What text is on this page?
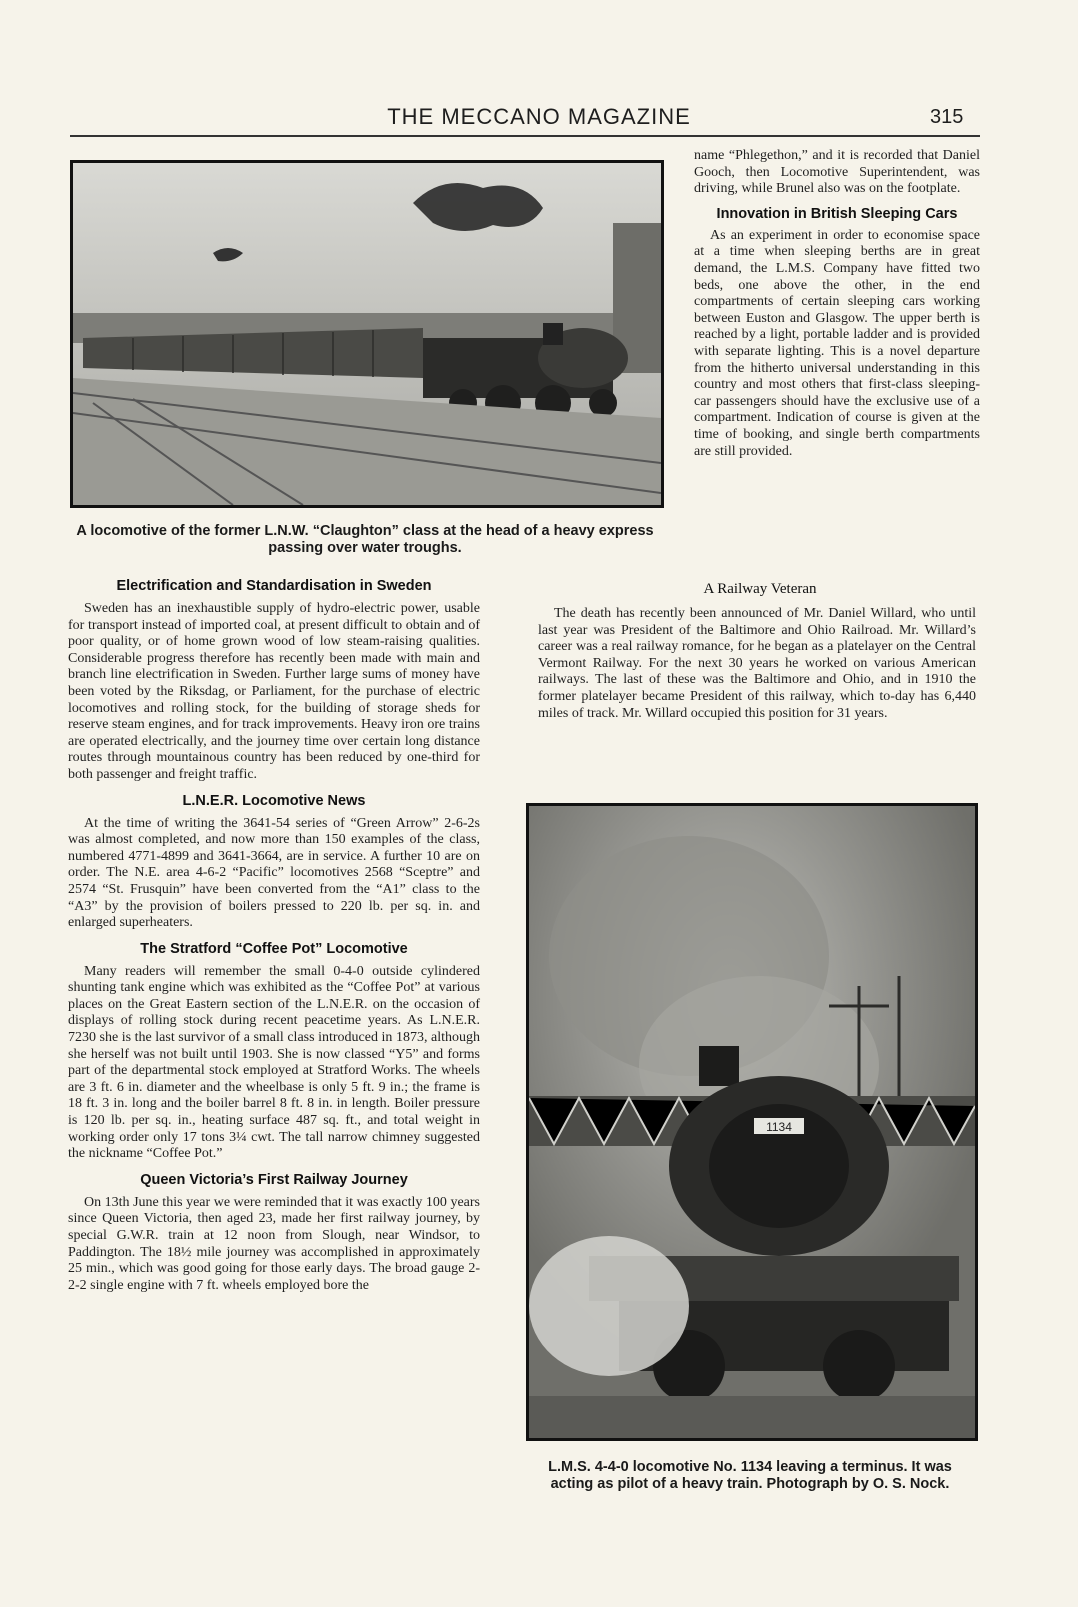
THE MECCANO MAGAZINE	315
A locomotive of the former L.N.W. “Claughton” class at the head of a heavy express passing over water troughs.

name “Phlegethon,” and it is recorded that Daniel Gooch, then Locomotive Superintendent, was driving, while Brunel also was on the footplate.

Innovation in British Sleeping Cars

As an experiment in order to economise space at a time when sleeping berths are in great demand, the L.M.S. Company have fitted two beds, one above the other, in the end compartments of certain sleeping cars working between Euston and Glasgow. The upper berth is reached by a light, portable ladder and is provided with separate lighting. This is a novel departure from the hitherto universal understanding in this country and most others that first-class sleeping-car passengers should have the exclusive use of a compartment. Indication of course is given at the time of booking, and single berth compartments are still provided.

A Railway Veteran

The death has recently been announced of Mr. Daniel Willard, who until last year was President of the Baltimore and Ohio Railroad. Mr. Willard’s career was a real railway romance, for he began as a platelayer on the Central Vermont Railway. For the next 30 years he worked on various American railways. The last of these was the Baltimore and Ohio, and in 1910 the former platelayer became President of this railway, which to-day has 6,440 miles of track. Mr. Willard occupied this position for 31 years.

Electrification and Standardisation in Sweden

Sweden has an inexhaustible supply of hydro-electric power, usable for transport instead of imported coal, at present difficult to obtain and of poor quality, or of home grown wood of low steam-raising qualities. Considerable progress therefore has recently been made with main and branch line electrification in Sweden. Further large sums of money have been voted by the Riksdag, or Parliament, for the purchase of electric locomotives and rolling stock, for the building of storage sheds for reserve steam engines, and for track improvements. Heavy iron ore trains are operated electrically, and the journey time over certain long distance routes through mountainous country has been reduced by one-third for both passenger and freight traffic.

L.N.E.R. Locomotive News

At the time of writing the 3641-54 series of “Green Arrow” 2-6-2s was almost completed, and now more than 150 examples of the class, numbered 4771-4899 and 3641-3664, are in service. A further 10 are on order. The N.E. area 4-6-2 “Pacific” locomotives 2568 “Sceptre” and 2574 “St. Frusquin” have been converted from the “A1” class to the “A3” by the provision of boilers pressed to 220 lb. per sq. in. and enlarged superheaters.

The Stratford “Coffee Pot” Locomotive

Many readers will remember the small 0-4-0 outside cylindered shunting tank engine which was exhibited as the “Coffee Pot” at various places on the Great Eastern section of the L.N.E.R. on the occasion of displays of rolling stock during recent peacetime years. As L.N.E.R. 7230 she is the last survivor of a small class introduced in 1873, although she herself was not built until 1903. She is now classed “Y5” and forms part of the departmental stock employed at Stratford Works. The wheels are 3 ft. 6 in. diameter and the wheelbase is only 5 ft. 9 in.; the frame is 18 ft. 3 in. long and the boiler barrel 8 ft. 8 in. in length. Boiler pressure is 120 lb. per sq. in., heating surface 487 sq. ft., and total weight in working order only 17 tons 3¼ cwt. The tall narrow chimney suggested the nickname “Coffee Pot.”

Queen Victoria’s First Railway Journey

On 13th June this year we were reminded that it was exactly 100 years since Queen Victoria, then aged 23, made her first railway journey, by special G.W.R. train at 12 noon from Slough, near Windsor, to Paddington. The 18½ mile journey was accomplished in approximately 25 min., which was good going for those early days. The broad gauge 2-2-2 single engine with 7 ft. wheels employed bore the

1134
L.M.S. 4-4-0 locomotive No. 1134 leaving a terminus. It was acting as pilot of a heavy train. Photograph by O. S. Nock.
